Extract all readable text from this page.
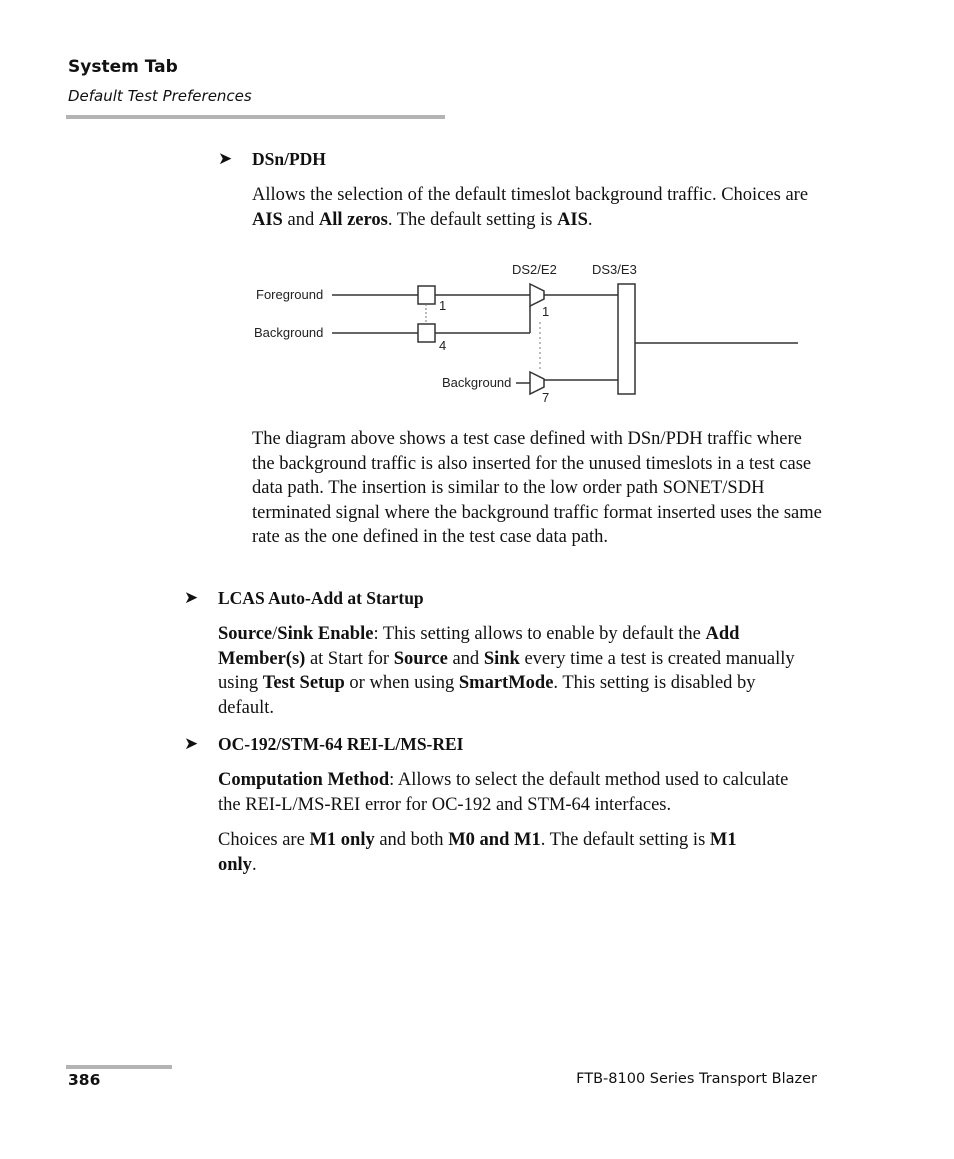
System Tab
Default Test Preferences
➤ DSn/PDH
Allows the selection of the default timeslot background traffic. Choices are AIS and All zeros. The default setting is AIS.
DS2/E2	DS3/E3
Foreground
Background
Background
1
4
1
7
The diagram above shows a test case defined with DSn/PDH traffic where the background traffic is also inserted for the unused timeslots in a test case data path. The insertion is similar to the low order path SONET/SDH terminated signal where the background traffic format inserted uses the same rate as the one defined in the test case data path.
➤ LCAS Auto-Add at Startup
Source/Sink Enable: This setting allows to enable by default the Add Member(s) at Start for Source and Sink every time a test is created manually using Test Setup or when using SmartMode. This setting is disabled by default.
➤ OC-192/STM-64 REI-L/MS-REI
Computation Method: Allows to select the default method used to calculate the REI-L/MS-REI error for OC-192 and STM-64 interfaces.
Choices are M1 only and both M0 and M1. The default setting is M1 only.
386	FTB-8100 Series Transport Blazer
